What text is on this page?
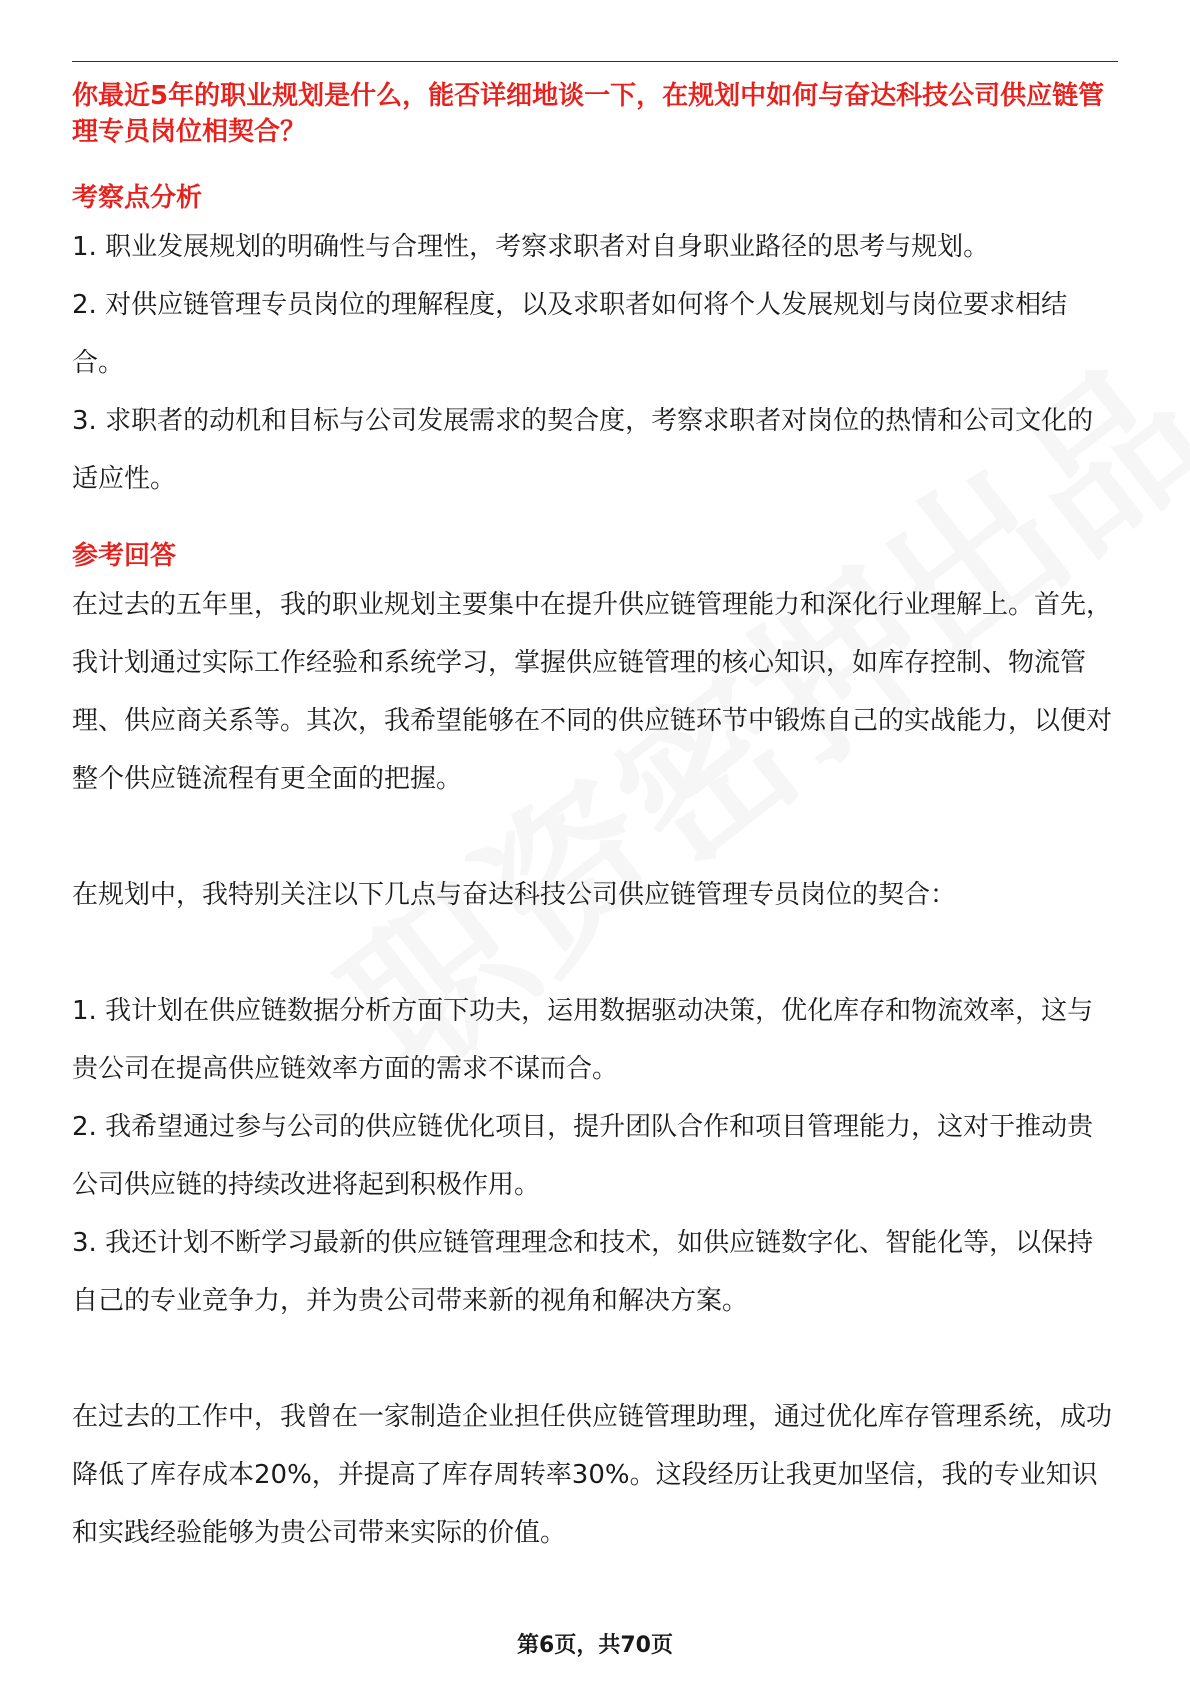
你最近5年的职业规划是什么，能否详细地谈一下，在规划中如何与奋达科技公司供应链管理专员岗位相契合？

考察点分析

1. 职业发展规划的明确性与合理性，考察求职者对自身职业路径的思考与规划。

2. 对供应链管理专员岗位的理解程度，以及求职者如何将个人发展规划与岗位要求相结合。

3. 求职者的动机和目标与公司发展需求的契合度，考察求职者对岗位的热情和公司文化的适应性。

参考回答

在过去的五年里，我的职业规划主要集中在提升供应链管理能力和深化行业理解上。首先，我计划通过实际工作经验和系统学习，掌握供应链管理的核心知识，如库存控制、物流管理、供应商关系等。其次，我希望能够在不同的供应链环节中锻炼自己的实战能力，以便对整个供应链流程有更全面的把握。

在规划中，我特别关注以下几点与奋达科技公司供应链管理专员岗位的契合：

1. 我计划在供应链数据分析方面下功夫，运用数据驱动决策，优化库存和物流效率，这与贵公司在提高供应链效率方面的需求不谋而合。

2. 我希望通过参与公司的供应链优化项目，提升团队合作和项目管理能力，这对于推动贵公司供应链的持续改进将起到积极作用。

3. 我还计划不断学习最新的供应链管理理念和技术，如供应链数字化、智能化等，以保持自己的专业竞争力，并为贵公司带来新的视角和解决方案。

在过去的工作中，我曾在一家制造企业担任供应链管理助理，通过优化库存管理系统，成功降低了库存成本20%，并提高了库存周转率30%。这段经历让我更加坚信，我的专业知识和实践经验能够为贵公司带来实际的价值。

第6页，共70页
